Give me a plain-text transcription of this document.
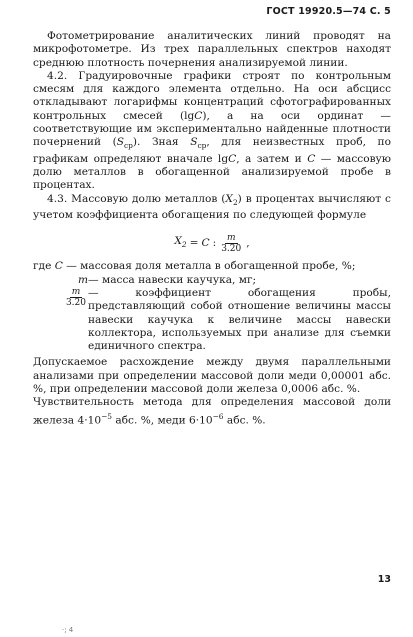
ГОСТ 19920.5—74 С. 5

Фотометрирование аналитических линий проводят на микрофотометре. Из трех параллельных спектров находят среднюю плотность почернения анализируемой линии.

4.2. Градуировочные графики строят по контрольным смесям для каждого элемента отдельно. На оси абсцисс откладывают логарифмы концентраций сфотографированных контрольных смесей (lgC), а на оси ординат — соответствующие им экспериментально найденные плотности почернений $(S_{ср})$. Зная $S_{ср}$, для неизвестных проб, по графикам определяют вначале lgC, а затем и C — массовую долю металлов в обогащенной анализируемой пробе в процентах.

4.3. Массовую долю металлов $(X_2)$ в процентах вычисляют с учетом коэффициента обогащения по следующей формуле

$X_2 = C$ : $\frac{m}{3.20}$ ,
где C — массовая доля металла в обогащенной пробе, %;
m — масса навески каучука, мг;
$\frac{m}{3.20}$ — коэффициент обогащения пробы, представляющий собой отношение величины массы навески каучука к величине массы навески коллектора, используемых при анализе для съемки единичного спектра.

Допускаемое расхождение между двумя параллельными анализами при определении массовой доли меди 0,00001 абс. %, при определении массовой доли железа 0,0006 абс. %.

Чувствительность метода для определения массовой доли железа $4\cdot 10^{-5}$ абс. %, меди $6\cdot 10^{-6}$ абс. %.

13
·; 4
